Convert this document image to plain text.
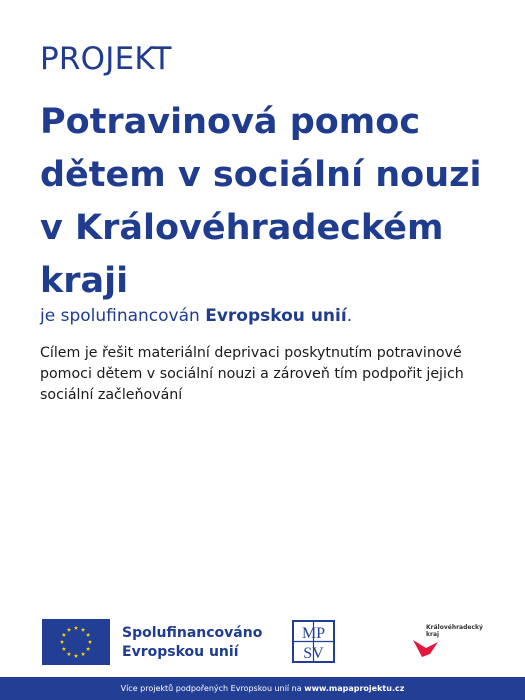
PROJEKT
Potravinová pomoc
dětem v sociální nouzi
v Královéhradeckém
kraji

je spolufinancován Evropskou unií.

Cílem je řešit materiální deprivaci poskytnutím potravinové
pomoci dětem v sociální nouzi a zároveň tím podpořit jejich
sociální začleňování

Spolufinancováno
Evropskou unií
MP
SV
Královéhradecký
kraj
Více projektů podpořených Evropskou unií na www.mapaprojektu.cz
